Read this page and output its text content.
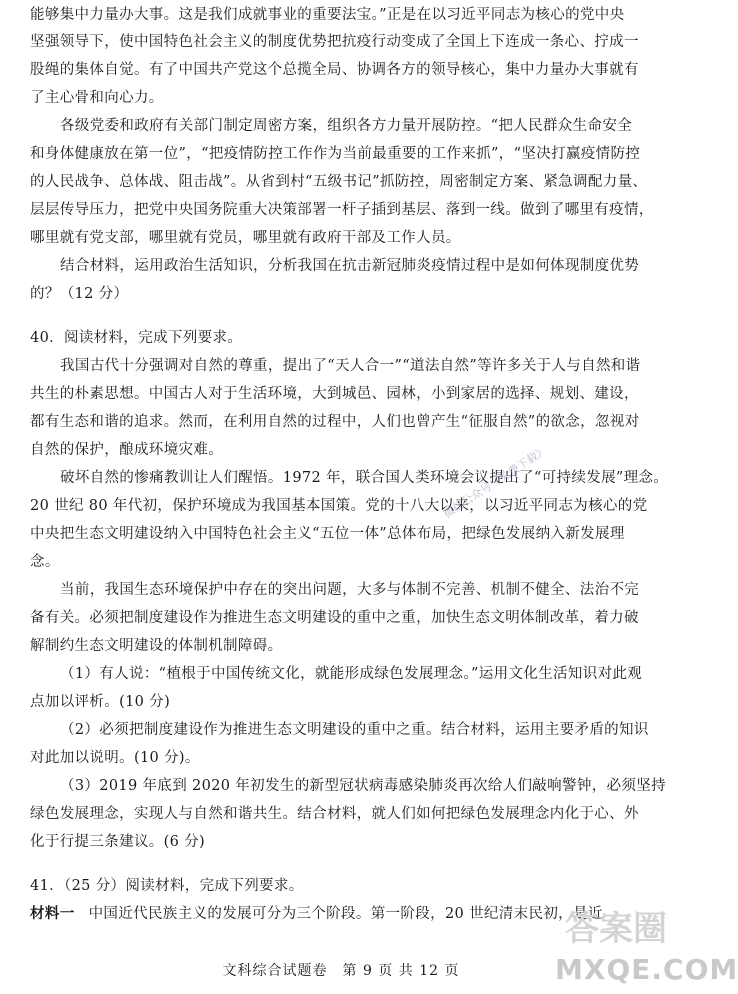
能够集中力量办大事。这是我们成就事业的重要法宝。”正是在以习近平同志为核心的党中央
坚强领导下，使中国特色社会主义的制度优势把抗疫行动变成了全国上下连成一条心、拧成一
股绳的集体自觉。有了中国共产党这个总揽全局、协调各方的领导核心，集中力量办大事就有
了主心骨和向心力。
各级党委和政府有关部门制定周密方案，组织各方力量开展防控。“把人民群众生命安全
和身体健康放在第一位”，“把疫情防控工作作为当前最重要的工作来抓”，“坚决打赢疫情防控
的人民战争、总体战、阻击战”。从省到村“五级书记”抓防控，周密制定方案、紧急调配力量、
层层传导压力，把党中央国务院重大决策部署一杆子插到基层、落到一线。做到了哪里有疫情，
哪里就有党支部，哪里就有党员，哪里就有政府干部及工作人员。
结合材料，运用政治生活知识，分析我国在抗击新冠肺炎疫情过程中是如何体现制度优势
的？（12 分）
40．阅读材料，完成下列要求。
我国古代十分强调对自然的尊重，提出了“天人合一”“道法自然”等许多关于人与自然和谐
共生的朴素思想。中国古人对于生活环境，大到城邑、园林，小到家居的选择、规划、建设，
都有生态和谐的追求。然而，在利用自然的过程中，人们也曾产生“征服自然”的欲念，忽视对
自然的保护，酿成环境灾难。
破坏自然的惨痛教训让人们醒悟。1972 年，联合国人类环境会议提出了“可持续发展”理念。
20 世纪 80 年代初，保护环境成为我国基本国策。党的十八大以来，以习近平同志为核心的党
中央把生态文明建设纳入中国特色社会主义“五位一体”总体布局，把绿色发展纳入新发展理
念。
当前，我国生态环境保护中存在的突出问题，大多与体制不完善、机制不健全、法治不完
备有关。必须把制度建设作为推进生态文明建设的重中之重，加快生态文明体制改革，着力破
解制约生态文明建设的体制机制障碍。
（1）有人说：“植根于中国传统文化，就能形成绿色发展理念。”运用文化生活知识对此观
点加以评析。(10 分)
（2）必须把制度建设作为推进生态文明建设的重中之重。结合材料，运用主要矛盾的知识
对此加以说明。(10 分)。
（3）2019 年底到 2020 年初发生的新型冠状病毒感染肺炎再次给人们敲响警钟，必须坚持
绿色发展理念，实现人与自然和谐共生。结合材料，就人们如何把绿色发展理念内化于心、外
化于行提三条建议。(6 分)
41．（25 分）阅读材料，完成下列要求。
材料一 中国近代民族主义的发展可分为三个阶段。第一阶段，20 世纪清末民初，是近
文科综合试题卷　第 9 页 共 12 页
微信公众号《免费下载》
答案圈
MXQE.COM
